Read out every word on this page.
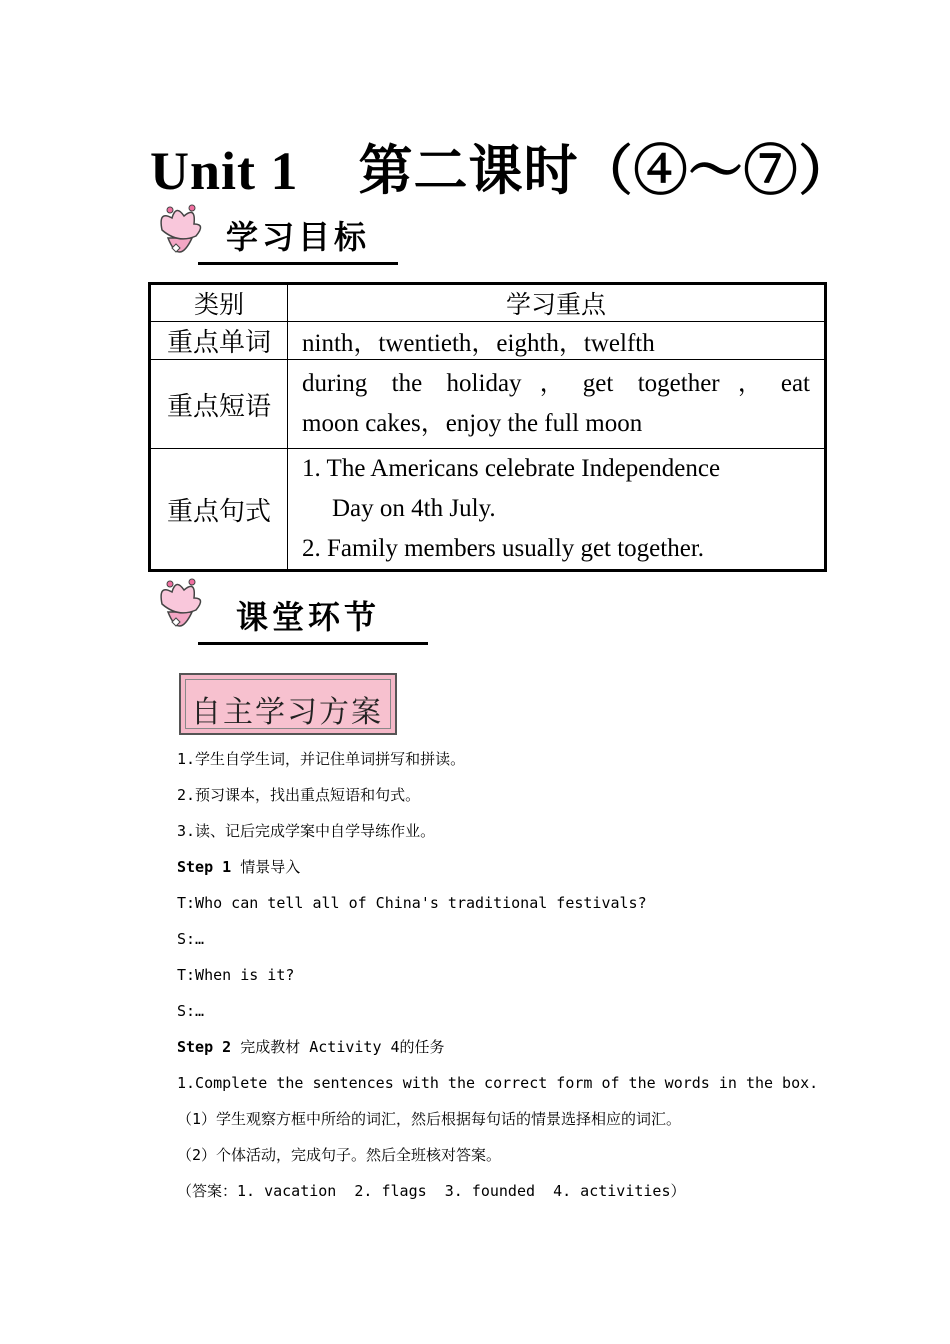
Unit 1 第二课时（④～⑦）
学习目标
类别	学习重点
重点单词	ninth，twentieth，eighth，twelfth
重点短语	during the holiday，get together，eat
moon cakes，enjoy the full moon

重点句式	1. The Americans celebrate Independence
Day on 4th July.
2. Family members usually get together.
课堂环节
自主学习方案

1.学生自学生词，并记住单词拼写和拼读。

2.预习课本，找出重点短语和句式。

3.读、记后完成学案中自学导练作业。

Step 1 情景导入

T:Who can tell all of China's traditional festivals?

S:…

T:When is it?

S:…

Step 2 完成教材 Activity 4的任务

1.Complete the sentences with the correct form of the words in the box.

（1）学生观察方框中所给的词汇，然后根据每句话的情景选择相应的词汇。

（2）个体活动，完成句子。然后全班核对答案。

（答案：1. vacation  2. flags  3. founded  4. activities）
